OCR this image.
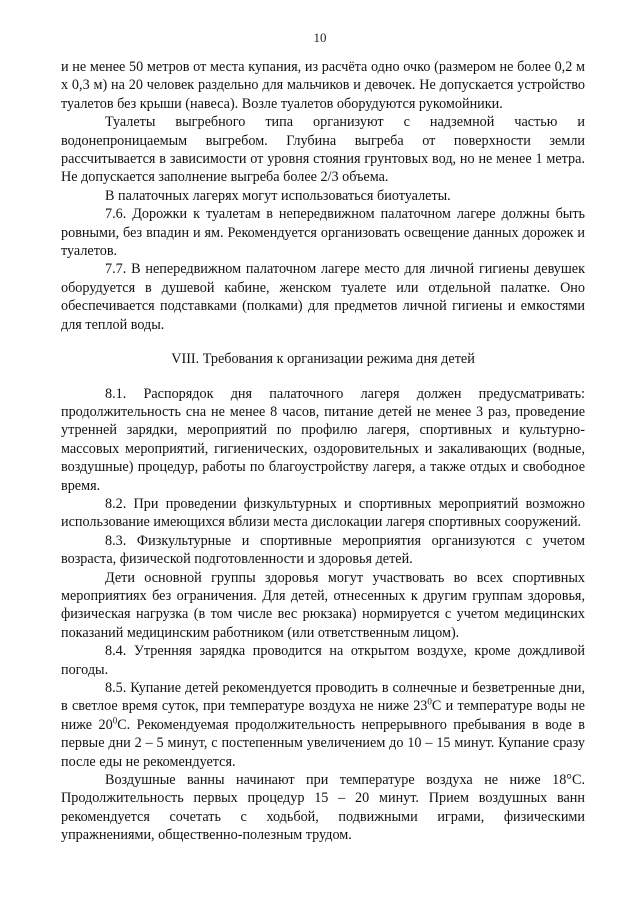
10

и не менее 50 метров от места купания, из расчёта одно очко (размером не более 0,2 м х 0,3 м) на 20 человек раздельно для мальчиков и девочек. Не допускается устройство туалетов без крыши (навеса). Возле туалетов оборудуются рукомойники.

Туалеты выгребного типа организуют с надземной частью и водонепроницаемым выгребом. Глубина выгреба от поверхности земли рассчитывается в зависимости от уровня стояния грунтовых вод, но не менее 1 метра. Не допускается заполнение выгреба более 2/3 объема.

В палаточных лагерях могут использоваться биотуалеты.

7.6. Дорожки к туалетам в непередвижном палаточном лагере должны быть ровными, без впадин и ям. Рекомендуется организовать освещение данных дорожек и туалетов.

7.7. В непередвижном палаточном лагере место для личной гигиены девушек оборудуется в душевой кабине, женском туалете или отдельной палатке. Оно обеспечивается подставками (полками) для предметов личной гигиены и емкостями для теплой воды.

VIII. Требования к организации режима дня детей

8.1. Распорядок дня палаточного лагеря должен предусматривать: продолжительность сна не менее 8 часов, питание детей не менее 3 раз, проведение утренней зарядки, мероприятий по профилю лагеря, спортивных и культурно-массовых мероприятий, гигиенических, оздоровительных и закаливающих (водные, воздушные) процедур, работы по благоустройству лагеря, а также отдых и свободное время.

8.2. При проведении физкультурных и спортивных мероприятий возможно использование имеющихся вблизи места дислокации лагеря спортивных сооружений.

8.3. Физкультурные и спортивные мероприятия организуются с учетом возраста, физической подготовленности и здоровья детей.

Дети основной группы здоровья могут участвовать во всех спортивных мероприятиях без ограничения. Для детей, отнесенных к другим группам здоровья, физическая нагрузка (в том числе вес рюкзака) нормируется с учетом медицинских показаний медицинским работником (или ответственным лицом).

8.4. Утренняя зарядка проводится на открытом воздухе, кроме дождливой погоды.

8.5. Купание детей рекомендуется проводить в солнечные и безветренные дни, в светлое время суток, при температуре воздуха не ниже $23^0С$ и температуре воды не ниже $20^0С$. Рекомендуемая продолжительность непрерывного пребывания в воде в первые дни 2 – 5 минут, с постепенным увеличением до 10 – 15 минут. Купание сразу после еды не рекомендуется.

Воздушные ванны начинают при температуре воздуха не ниже 18°С. Продолжительность первых процедур 15 – 20 минут. Прием воздушных ванн рекомендуется сочетать с ходьбой, подвижными играми, физическими упражнениями, общественно-полезным трудом.
